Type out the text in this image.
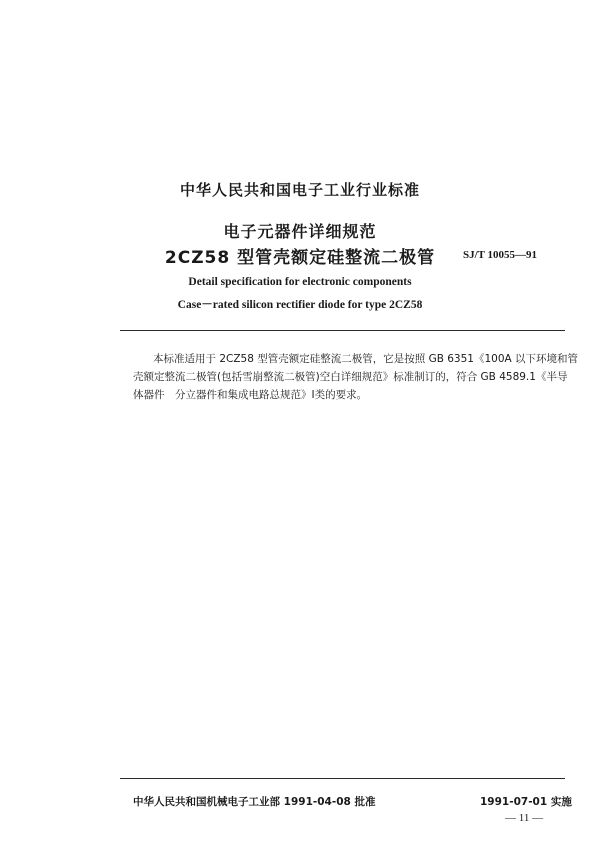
中华人民共和国电子工业行业标准
电子元器件详细规范
2CZ58 型管壳额定硅整流二极管	SJ/T 10055—91
Detail specification for electronic components
Case－rated silicon rectifier diode for type 2CZ58

本标准适用于 2CZ58 型管壳额定硅整流二极管，它是按照 GB 6351《100A 以下环境和管

壳额定整流二极管(包括雪崩整流二极管)空白详细规范》标准制订的，符合 GB 4589.1《半导

体器件　分立器件和集成电路总规范》Ⅰ类的要求。

中华人民共和国机械电子工业部 1991-04-08 批准	1991-07-01 实施
— 11 —
